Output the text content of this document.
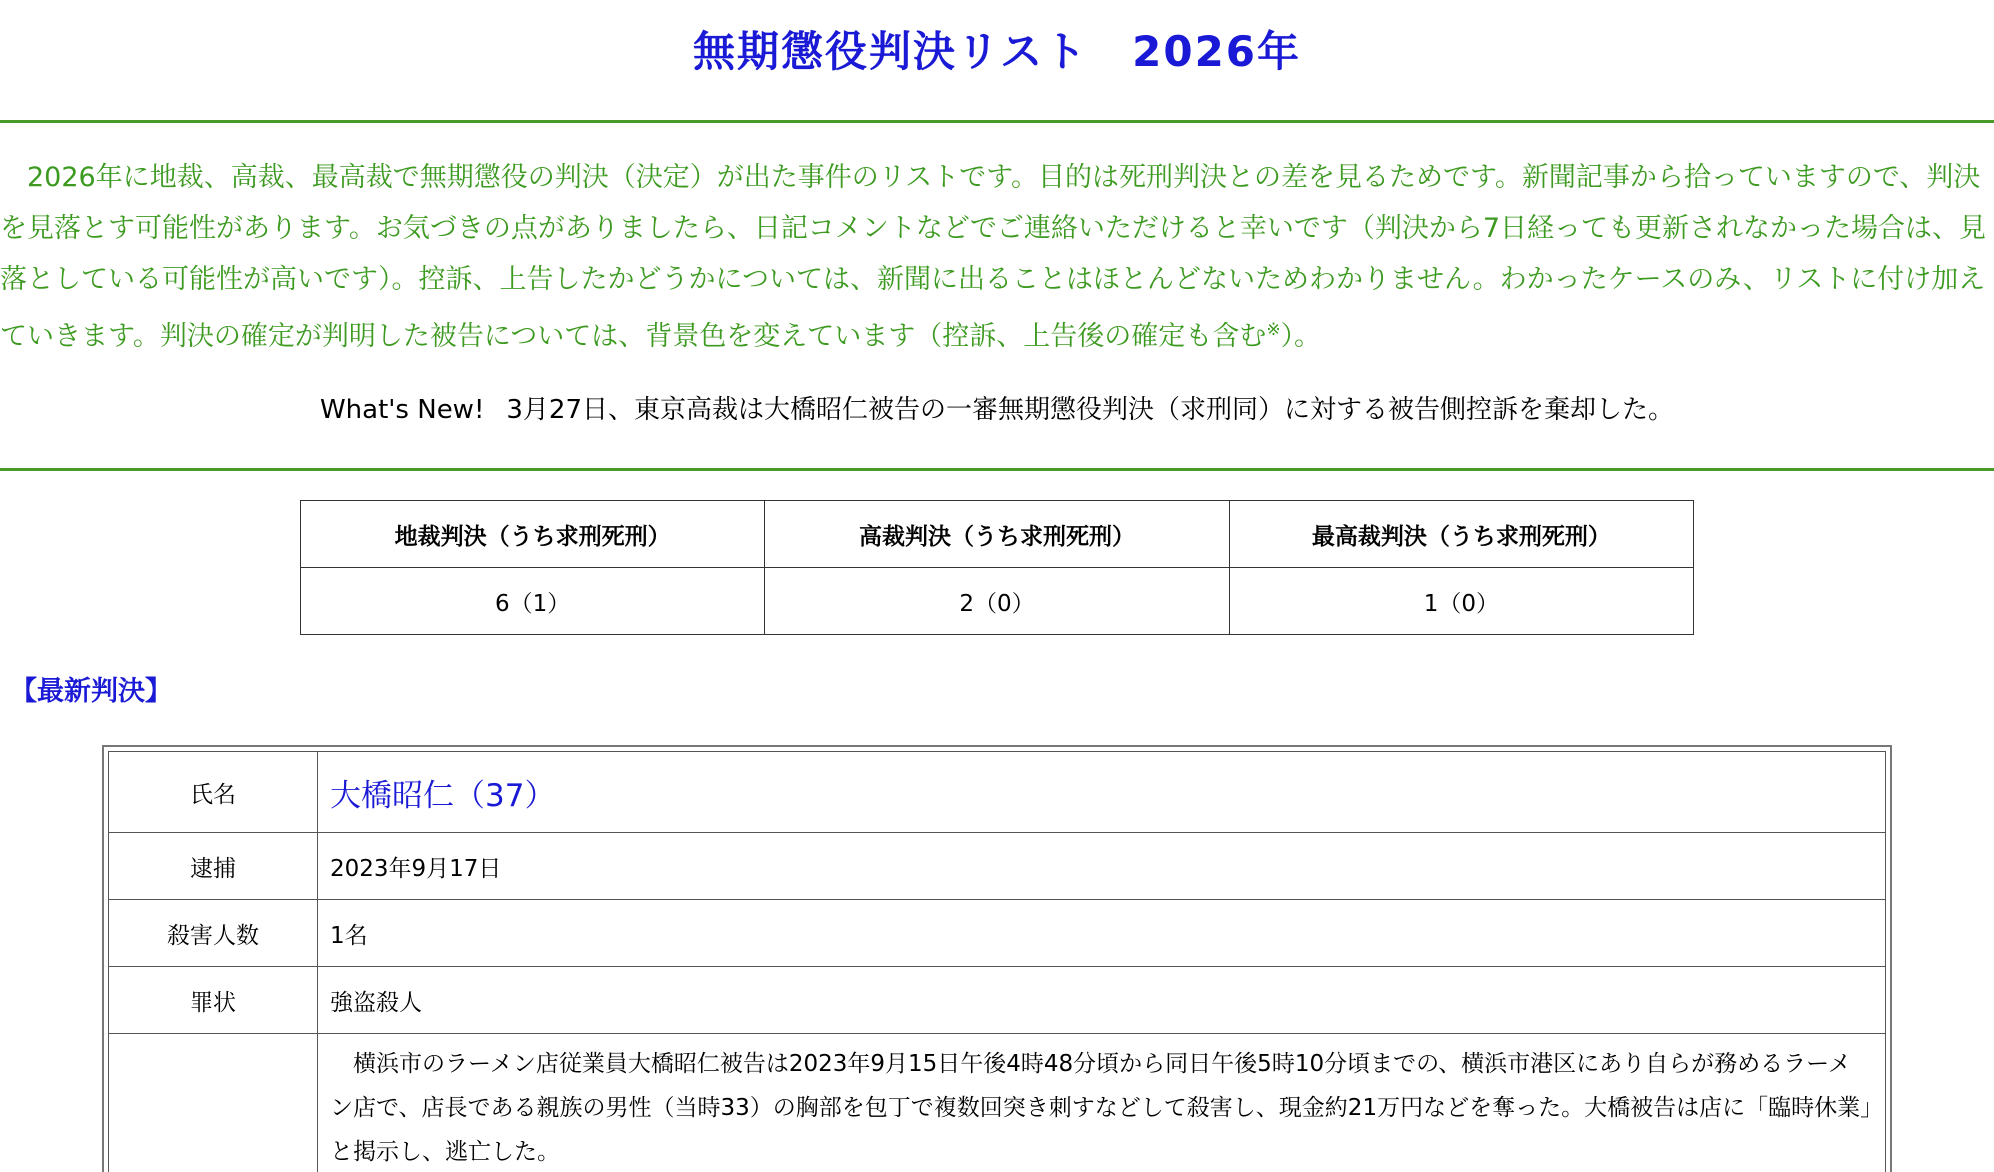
無期懲役判決リスト　2026年

2026年に地裁、高裁、最高裁で無期懲役の判決（決定）が出た事件のリストです。目的は死刑判決との差を見るためです。新聞記事から拾っていますので、判決を見落とす可能性があります。お気づきの点がありましたら、日記コメントなどでご連絡いただけると幸いです（判決から7日経っても更新されなかった場合は、見落としている可能性が高いです）。控訴、上告したかどうかについては、新聞に出ることはほとんどないためわかりません。わかったケースのみ、リストに付け加えていきます。判決の確定が判明した被告については、背景色を変えています（控訴、上告後の確定も含む※）。

What's New! 3月27日、東京高裁は大橋昭仁被告の一審無期懲役判決（求刑同）に対する被告側控訴を棄却した。
地裁判決（うち求刑死刑）	高裁判決（うち求刑死刑）	最高裁判決（うち求刑死刑）
6（1）	2（0）	1（0）
【最新判決】
氏名	大橋昭仁（37）
逮捕	2023年9月17日
殺害人数	1名
罪状	強盗殺人

	横浜市のラーメン店従業員大橋昭仁被告は2023年9月15日午後4時48分頃から同日午後5時10分頃までの、横浜市港区にあり自らが務めるラーメン店で、店長である親族の男性（当時33）の胸部を包丁で複数回突き刺すなどして殺害し、現金約21万円などを奪った。大橋被告は店に「臨時休業」と掲示し、逃亡した。
